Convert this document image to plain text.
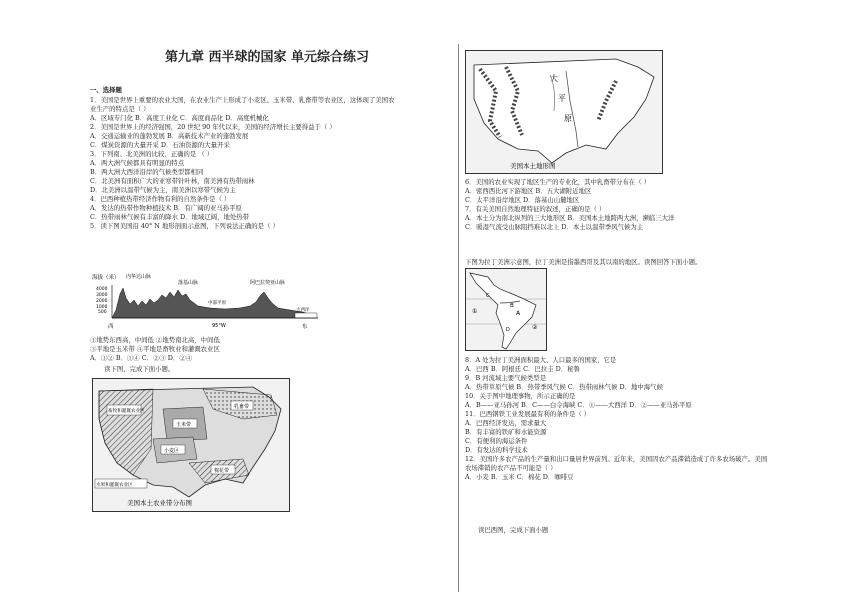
第九章 西半球的国家 单元综合练习
一、选择题
1．美国是世界上重要的农业大国，在农业生产上形成了小麦区、玉米带、乳畜带等农业区，这体现了美国农
业生产的特点是（ ）
A．区域专门化 B．高度工业化 C．高度商品化 D．高度机械化
2．美国是世界上的经济强国，20 世纪 90 年代以来，美国的经济增长主要得益于（ ）
A．交通运输业的蓬勃发展 B．高新技术产业的蓬勃发展
C．煤炭资源的大量开采 D．石油资源的大量开采
3．下列南、北美洲的比较，正确的是 （ ）
A．两大洲气候都具有明显的特点
B．两大洲大西洋沿岸的气候类型都相同
C．北美洲有面积广大的亚寒带针叶林，南美洲有热带雨林
D．北美洲以温带气候为主，南美洲以寒带气候为主
4．巴西种植热带经济作物有利的自然条件是（ ）
A．发达的热带作物种植技术 B．有广阔的亚马孙平原
C．热带雨林气候有丰富的降水 D．地域辽阔，地处热带
5．读下图美国沿 40° N 地形剖面示意图，下列说法正确的是（ ）
海拔（米）
4000
3000
2000
1000
500
内华达山脉
落基山脉	阿巴拉契亚山脉
中部平原
大西洋
西	东
95°W
①地势东西高，中间低 ②地势南北高，中间低
③平地是玉米带 ④平地是畜牧业和灌溉农业区
A．①② B．①④ C．②③ D．②④
读下图，完成下面小题。
畜牧和灌溉农业区
乳畜带
玉米带
小麦区
棉花带
水果和灌溉农业区
美国本土农业带分布图
大
平
原
美国本土地形图
6．美国的农业实现了地区生产的专业化，其中乳畜带分布在（ ）
A．密西西比河下游地区 B．五大湖附近地区
C．太平洋沿岸地区 D．落基山山麓地区
7．有关美国自然地理特征的叙述，正确的是（ ）
A．本土分为南北纵列的三大地形区 B．美国本土地跨两大洲，濒临三大洋
C．暖湿气流受山脉阻挡难以北上 D．本土以温带季风气候为主
下图为拉丁美洲示意图，拉丁美洲是指墨西哥及其以南的地区。读图回答下面小题。
C
B
A
D
①
②
8．A 处为拉丁美洲面积最大、人口最多的国家，它是
A．巴西 B．阿根廷 C．巴拉圭 D．秘鲁
9．B 河流域主要气候类型是
A．热带草原气候 B．热带季风气候 C．热带雨林气候 D．地中海气候
10．关于图中地理事物，所示正确的是
A．B——亚马孙河 B．C——白令海峡 C．①——大西洋 D．②——亚马孙平原
11．巴西钢铁工业发展最有利的条件是（ ）
A．巴西经济发达，需求量大
B．有丰富的铁矿和水能资源
C．有便利的海运条件
D．有发达的科学技术
12．美国许多农产品的生产量和出口量居世界前列。近年来，美国因农产品滞销造成了许多农场破产。美国
农场滞销的农产品不可能是（ ）
A．小麦 B．玉米 C．棉花 D．咖啡豆
读巴西图，完成下面小题
